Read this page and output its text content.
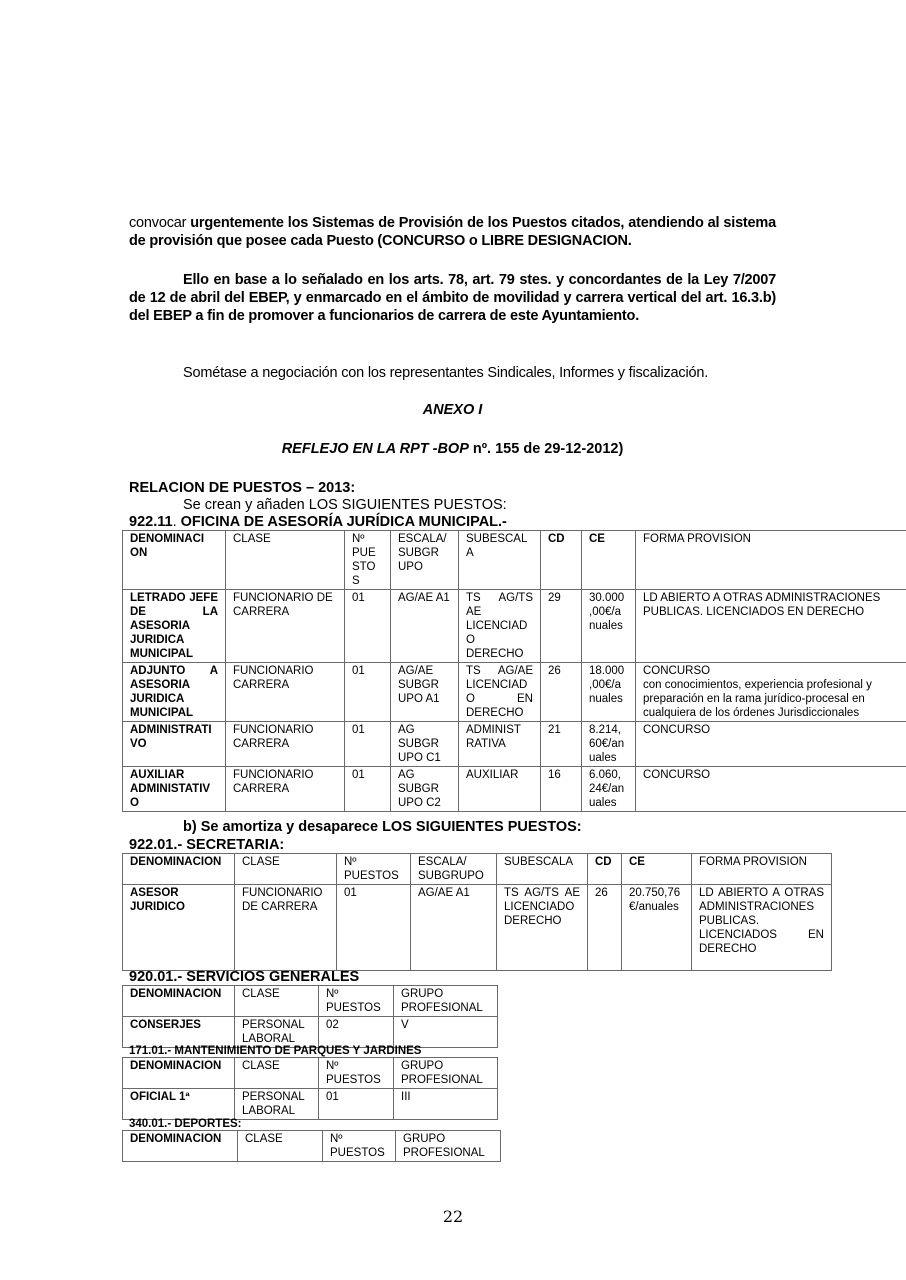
convocar urgentemente los Sistemas de Provisión de los Puestos citados, atendiendo al sistema de provisión que posee cada Puesto (CONCURSO o LIBRE DESIGNACION.
Ello en base a lo señalado en los arts. 78, art. 79 stes. y concordantes de la Ley 7/2007 de 12 de abril del EBEP, y enmarcado en el ámbito de movilidad y carrera vertical del art. 16.3.b) del EBEP a fin de promover a funcionarios de carrera de este Ayuntamiento.
Sométase a negociación con los representantes Sindicales, Informes y fiscalización.
ANEXO I
REFLEJO EN LA RPT -BOP nº. 155 de 29-12-2012)
RELACION DE PUESTOS – 2013:
Se crean y añaden LOS SIGUIENTES PUESTOS:
922.11. OFICINA DE ASESORÍA JURÍDICA MUNICIPAL.-
DENOMINACI ON	CLASE	Nº PUE STO S	ESCALA/ SUBGR UPO	SUBESCAL A	CD	CE	FORMA PROVISION
LETRADO JEFE DE LA ASESORIA JURIDICA MUNICIPAL	FUNCIONARIO DE CARRERA	01	AG/AE A1	TS AG/TS AE LICENCIAD O DERECHO	29	30.000 ,00€/a nuales	LD ABIERTO A OTRAS ADMINISTRACIONES PUBLICAS. LICENCIADOS EN DERECHO
ADJUNTO A ASESORIA JURIDICA MUNICIPAL	FUNCIONARIO CARRERA	01	AG/AE SUBGR UPO A1	TS AG/AE LICENCIAD O EN DERECHO	26	18.000 ,00€/a nuales	CONCURSO
con conocimientos, experiencia profesional y preparación en la rama jurídico-procesal en cualquiera de los órdenes Jurisdiccionales

ADMINISTRATI VO	FUNCIONARIO CARRERA	01	AG SUBGR UPO C1	ADMINIST RATIVA	21	8.214, 60€/an uales	CONCURSO
AUXILIAR ADMINISTATIV O	FUNCIONARIO CARRERA	01	AG SUBGR UPO C2	AUXILIAR	16	6.060, 24€/an uales	CONCURSO
b) Se amortiza y desaparece LOS SIGUIENTES PUESTOS:
922.01.- SECRETARIA:
DENOMINACION	CLASE	Nº PUESTOS	ESCALA/ SUBGRUPO	SUBESCALA	CD	CE	FORMA PROVISION
ASESOR JURIDICO	FUNCIONARIO DE CARRERA	01	AG/AE A1	TS AG/TS AE LICENCIADO DERECHO	26	20.750,76 €/anuales	LD ABIERTO A OTRAS ADMINISTRACIONES PUBLICAS. LICENCIADOS EN DERECHO
920.01.- SERVICIOS GENERALES
DENOMINACION	CLASE	Nº PUESTOS	GRUPO PROFESIONAL
CONSERJES	PERSONAL LABORAL	02	V
171.01.- MANTENIMIENTO DE PARQUES Y JARDINES
DENOMINACION	CLASE	Nº PUESTOS	GRUPO PROFESIONAL
OFICIAL 1ª	PERSONAL LABORAL	01	III
340.01.- DEPORTES:
DENOMINACION	CLASE	Nº PUESTOS	GRUPO PROFESIONAL
22
